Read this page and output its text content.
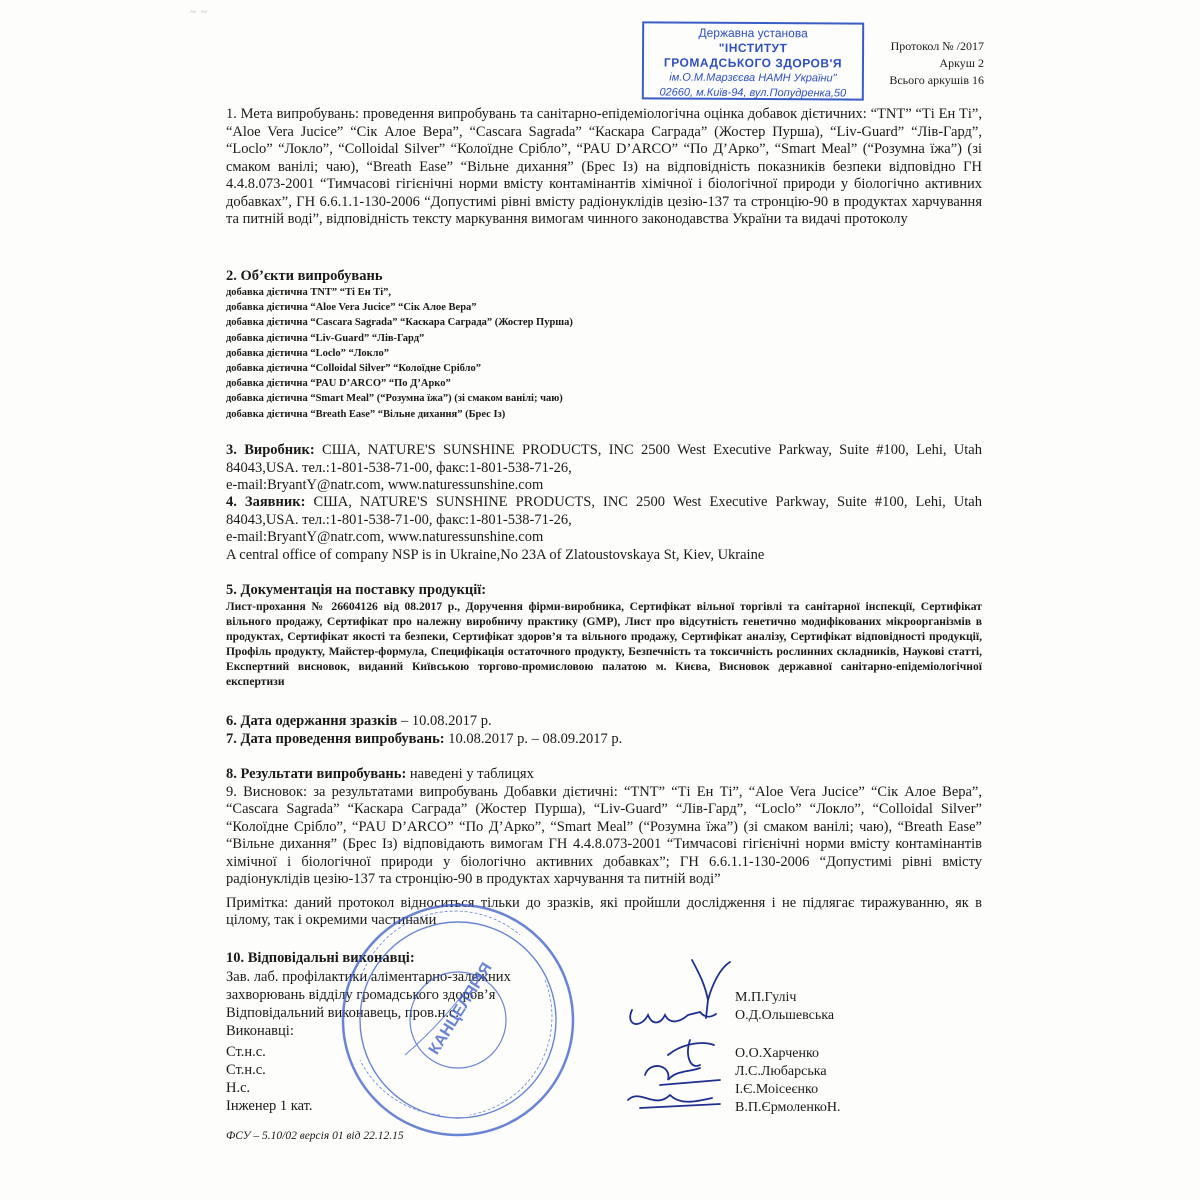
~ ~
Державна установа
"ІНСТИТУТ
ГРОМАДСЬКОГО ЗДОРОВ'Я
ім.О.М.Марзєєва НАМН України"
02660, м.Київ-94, вул.Попудренка,50
Протокол № /2017
Аркуш 2
Всього аркушів 16
1. Мета випробувань: проведення випробувань та санітарно-епідеміологічна оцінка добавок дієтичних: “TNT” “Ті Ен Ті”, “Aloe Vera Jucice” “Сік Алое Вера”, “Cascara Sagrada” “Каскара Саграда” (Жостер Пурша), “Liv-Guard” “Лів-Гард”, “Loclo” “Локло”, “Colloidal Silver” “Колоїдне Срібло”, “PAU D’ARCO” “По Д’Арко”, “Smart Meal” (“Розумна їжа”) (зі смаком ванілі; чаю), “Breath Ease” “Вільне дихання” (Брес Із) на відповідність показників безпеки відповідно ГН 4.4.8.073-2001 “Тимчасові гігієнічні норми вмісту контамінантів хімічної і біологічної природи у біологічно активних добавках”, ГН 6.6.1.1-130-2006 “Допустимі рівні вмісту радіонуклідів цезію-137 та стронцію-90 в продуктах харчування та питній воді”, відповідність тексту маркування вимогам чинного законодавства України та видачі протоколу
2. Об’єкти випробувань
добавка дієтична TNT” “Ті Ен Ті”,
добавка дієтична “Aloe Vera Jucice” “Сік Алое Вера”
добавка дієтична “Cascara Sagrada” “Каскара Саграда” (Жостер Пурша)
добавка дієтична “Liv-Guard” “Лів-Гард”
добавка дієтична “Loclo” “Локло”
добавка дієтична “Colloidal Silver” “Колоїдне Срібло”
добавка дієтична “PAU D’ARCO” “По Д’Арко”
добавка дієтична “Smart Meal” (“Розумна їжа”) (зі смаком ванілі; чаю)
добавка дієтична “Breath Ease” “Вільне дихання” (Брес Із)
3. Виробник: США, NATURE'S SUNSHINE PRODUCTS, INC 2500 West Executive Parkway, Suite #100, Lehi, Utah 84043,USA. тел.:1-801-538-71-00, факс:1-801-538-71-26,
e-mail:BryantY@natr.com, www.naturessunshine.com
4. Заявник: США, NATURE'S SUNSHINE PRODUCTS, INC 2500 West Executive Parkway, Suite #100, Lehi, Utah 84043,USA. тел.:1-801-538-71-00, факс:1-801-538-71-26,
e-mail:BryantY@natr.com, www.naturessunshine.com
A central office of company NSP is in Ukraine,No 23A of Zlatoustovskaya St, Kiev, Ukraine
5. Документація на поставку продукції:
Лист-прохання № 26604126 від 08.2017 р., Доручення фірми-виробника, Сертифікат вільної торгівлі та санітарної інспекції, Сертифікат вільного продажу, Сертифікат про належну виробничу практику (GMP), Лист про відсутність генетично модифікованих мікроорганізмів в продуктах, Сертифікат якості та безпеки, Сертифікат здоров’я та вільного продажу, Сертифікат аналізу, Сертифікат відповідності продукції, Профіль продукту, Майстер-формула, Специфікація остаточного продукту, Безпечність та токсичність рослинних складників, Наукові статті, Експертний висновок, виданий Київською торгово-промисловою палатою м. Києва, Висновок державної санітарно-епідеміологічної експертизи
6. Дата одержання зразків – 10.08.2017 р.
7. Дата проведення випробувань: 10.08.2017 р. – 08.09.2017 р.
8. Результати випробувань: наведені у таблицях
9. Висновок: за результатами випробувань Добавки дієтичні: “TNT” “Ті Ен Ті”, “Aloe Vera Jucice” “Сік Алое Вера”, “Cascara Sagrada” “Каскара Саграда” (Жостер Пурша), “Liv-Guard” “Лів-Гард”, “Loclo” “Локло”, “Colloidal Silver” “Колоїдне Срібло”, “PAU D’ARCO” “По Д’Арко”, “Smart Meal” (“Розумна їжа”) (зі смаком ванілі; чаю), “Breath Ease” “Вільне дихання” (Брес Із) відповідають вимогам ГН 4.4.8.073-2001 “Тимчасові гігієнічні норми вмісту контамінантів хімічної і біологічної природи у біологічно активних добавках”; ГН 6.6.1.1-130-2006 “Допустимі рівні вмісту радіонуклідів цезію-137 та стронцію-90 в продуктах харчування та питній воді”
Примітка: даний протокол відноситься тільки до зразків, які пройшли дослідження і не підлягає тиражуванню, як в цілому, так і окремими частинами
10. Відповідальні виконавці:
Зав. лаб. профілактики аліментарно-залежних
захворювань відділу громадського здоров’я
Відповідальний виконавець, пров.н.с.
Виконавці:
Ст.н.с.
Ст.н.с.
Н.с.
Інженер 1 кат.
М.П.Гуліч
О.Д.Ольшевська
О.О.Харченко
Л.С.Любарська
І.Є.Моісеєнко
В.П.ЄрмоленкоН.
ФСУ – 5.10/02 версія 01 від 22.12.15
КАНЦЕЛЯРІЯ
